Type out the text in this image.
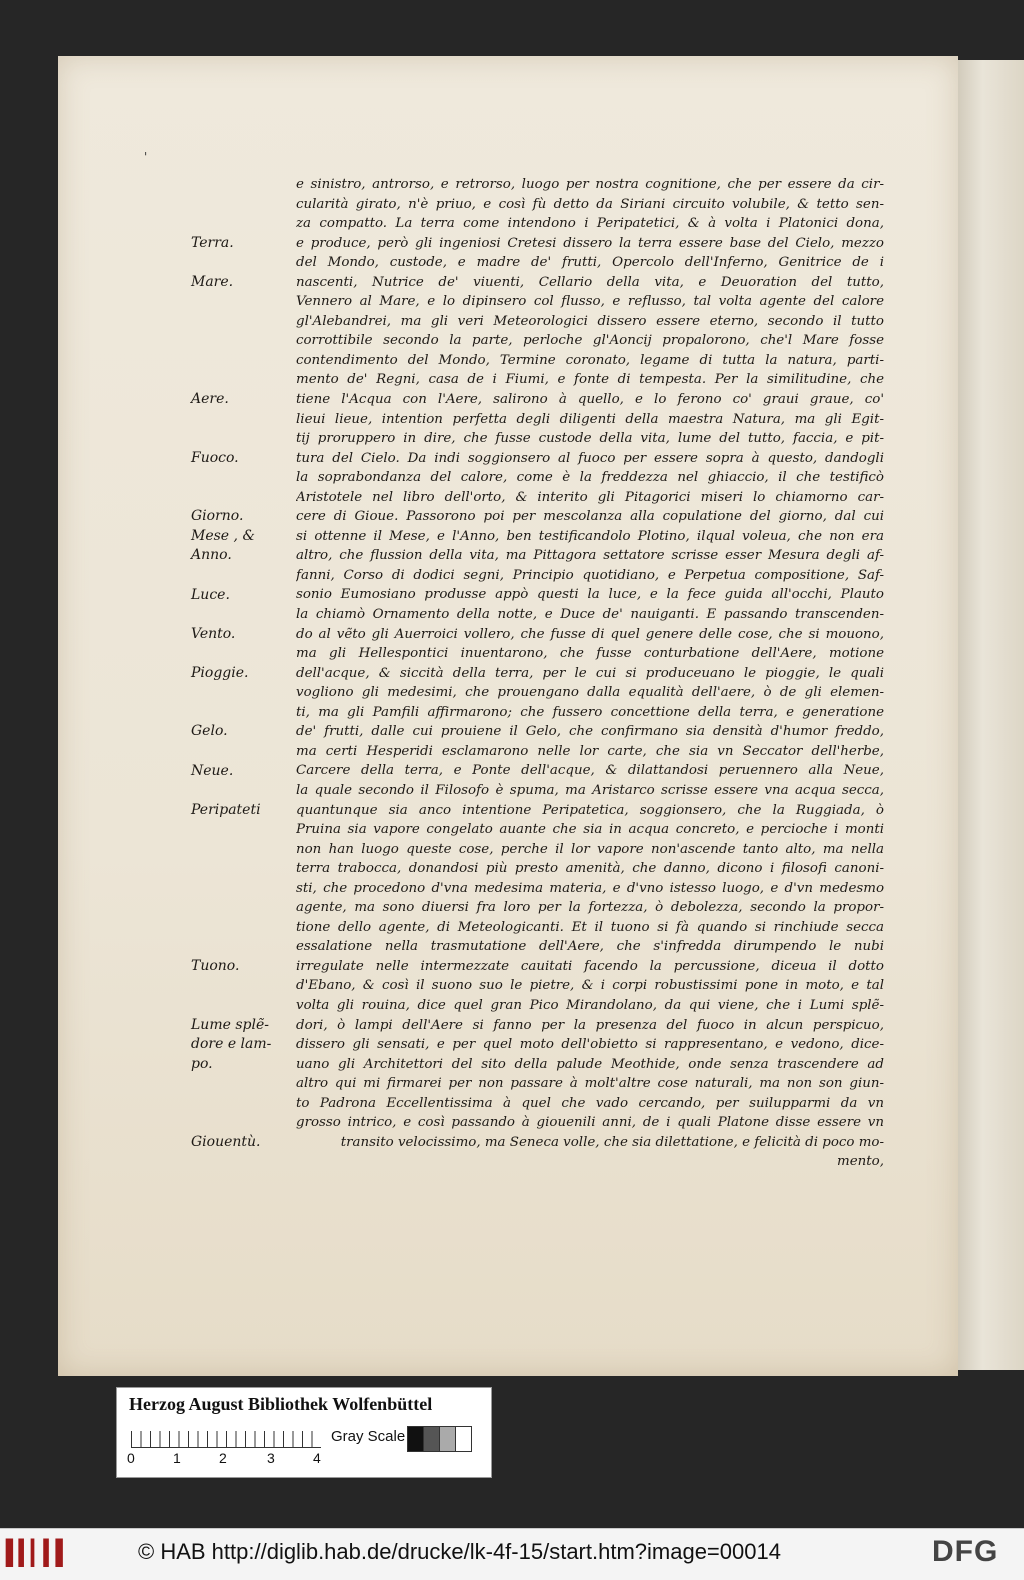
'
Terra.
Mare.
Aere.
Fuoco.
Giorno.
Mese , &
Anno.
Luce.
Vento.
Pioggie.
Gelo.
Neue.
Peripateti
Tuono.
Lume splẽ-
dore e lam-
po.
Giouentù.
e sinistro, antrorso, e retrorso, luogo per nostra cognitione, che per essere da cir-
cularità girato, n'è priuo, e così fù detto da Siriani circuito volubile, & tetto sen-
za compatto. La terra come intendono i Peripatetici, & à volta i Platonici dona,
e produce, però gli ingeniosi Cretesi dissero la terra essere base del Cielo, mezzo
del Mondo, custode, e madre de' frutti, Opercolo dell'Inferno, Genitrice de i
nascenti, Nutrice de' viuenti, Cellario della vita, e Deuoration del tutto,
Vennero al Mare, e lo dipinsero col flusso, e reflusso, tal volta agente del calore
gl'Alebandrei, ma gli veri Meteorologici dissero essere eterno, secondo il tutto
corrottibile secondo la parte, perloche gl'Aoncij propalorono, che'l Mare fosse
contendimento del Mondo, Termine coronato, legame di tutta la natura, parti-
mento de' Regni, casa de i Fiumi, e fonte di tempesta. Per la similitudine, che
tiene l'Acqua con l'Aere, salirono à quello, e lo ferono co' graui graue, co'
lieui lieue, intention perfetta degli diligenti della maestra Natura, ma gli Egit-
tij proruppero in dire, che fusse custode della vita, lume del tutto, faccia, e pit-
tura del Cielo. Da indi soggionsero al fuoco per essere sopra à questo, dandogli
la soprabondanza del calore, come è la freddezza nel ghiaccio, il che testificò
Aristotele nel libro dell'orto, & interito gli Pitagorici miseri lo chiamorno car-
cere di Gioue. Passorono poi per mescolanza alla copulatione del giorno, dal cui
si ottenne il Mese, e l'Anno, ben testificandolo Plotino, ilqual voleua, che non era
altro, che flussion della vita, ma Pittagora settatore scrisse esser Mesura degli af-
fanni, Corso di dodici segni, Principio quotidiano, e Perpetua compositione, Saf-
sonio Eumosiano produsse appò questi la luce, e la fece guida all'occhi, Plauto
la chiamò Ornamento della notte, e Duce de' nauiganti. E passando transcenden-
do al vẽto gli Auerroici vollero, che fusse di quel genere delle cose, che si mouono,
ma gli Hellespontici inuentarono, che fusse conturbatione dell'Aere, motione
dell'acque, & siccità della terra, per le cui si produceuano le pioggie, le quali
vogliono gli medesimi, che prouengano dalla equalità dell'aere, ò de gli elemen-
ti, ma gli Pamfili affirmarono; che fussero concettione della terra, e generatione
de' frutti, dalle cui prouiene il Gelo, che confirmano sia densità d'humor freddo,
ma certi Hesperidi esclamarono nelle lor carte, che sia vn Seccator dell'herbe,
Carcere della terra, e Ponte dell'acque, & dilattandosi peruennero alla Neue,
la quale secondo il Filosofo è spuma, ma Aristarco scrisse essere vna acqua secca,
quantunque sia anco intentione Peripatetica, soggionsero, che la Ruggiada, ò
Pruina sia vapore congelato auante che sia in acqua concreto, e percioche i monti
non han luogo queste cose, perche il lor vapore non'ascende tanto alto, ma nella
terra trabocca, donandosi più presto amenità, che danno, dicono i filosofi canoni-
sti, che procedono d'vna medesima materia, e d'vno istesso luogo, e d'vn medesmo
agente, ma sono diuersi fra loro per la fortezza, ò debolezza, secondo la propor-
tione dello agente, di Meteologicanti. Et il tuono si fà quando si rinchiude secca
essalatione nella trasmutatione dell'Aere, che s'infredda dirumpendo le nubi
irregulate nelle intermezzate cauitati facendo la percussione, diceua il dotto
d'Ebano, & così il suono suo le pietre, & i corpi robustissimi pone in moto, e tal
volta gli rouina, dice quel gran Pico Mirandolano, da qui viene, che i Lumi splẽ-
dori, ò lampi dell'Aere si fanno per la presenza del fuoco in alcun perspicuo,
dissero gli sensati, e per quel moto dell'obietto si rappresentano, e vedono, dice-
uano gli Architettori del sito della palude Meothide, onde senza trascendere ad
altro qui mi firmarei per non passare à molt'altre cose naturali, ma non son giun-
to Padrona Eccellentissima à quel che vado cercando, per suilupparmi da vn
grosso intrico, e così passando à giouenili anni, de i quali Platone disse essere vn
transito velocissimo, ma Seneca volle, che sia dilettatione, e felicità di poco mo-
mento,
Herzog August Bibliothek Wolfenbüttel
0	1	2	3	4
Gray Scale
▌▍▎▍▌	© HAB http://diglib.hab.de/drucke/lk-4f-15/start.htm?image=00014	DFG
